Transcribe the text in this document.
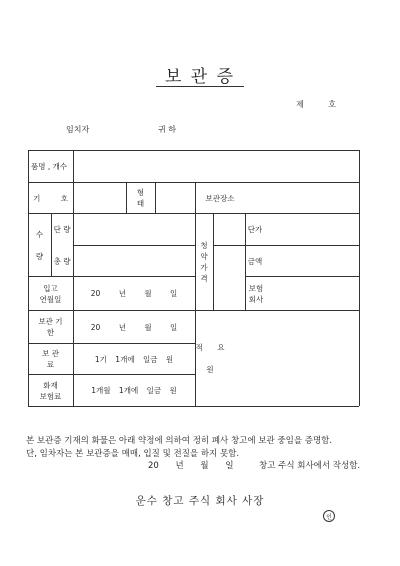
보 관 증
제 호
임치자	귀 하
품명 , 개수
기 호
형
태
보관장소
수

량
단 량
총 량
청
약
가
격
단가
금액
입고
연월일
20 년 월 일
보험
회사
보관 기
한
20 년 월 일
보 관
료
1기 1개에 일금 원
적 요

원
화재
보험료
1개월 1개에 일금 원
본 보관증 기재의 화물은 아래 약정에 의하여 정히 폐사 창고에 보관 중임을 증명함.
단, 임차자는 본 보관증을 매매, 입질 및 전질을 하지 못함.
20 년 월 일	창고 주식 회사에서 작성함.
운수 창고 주식 회사 사장
인
